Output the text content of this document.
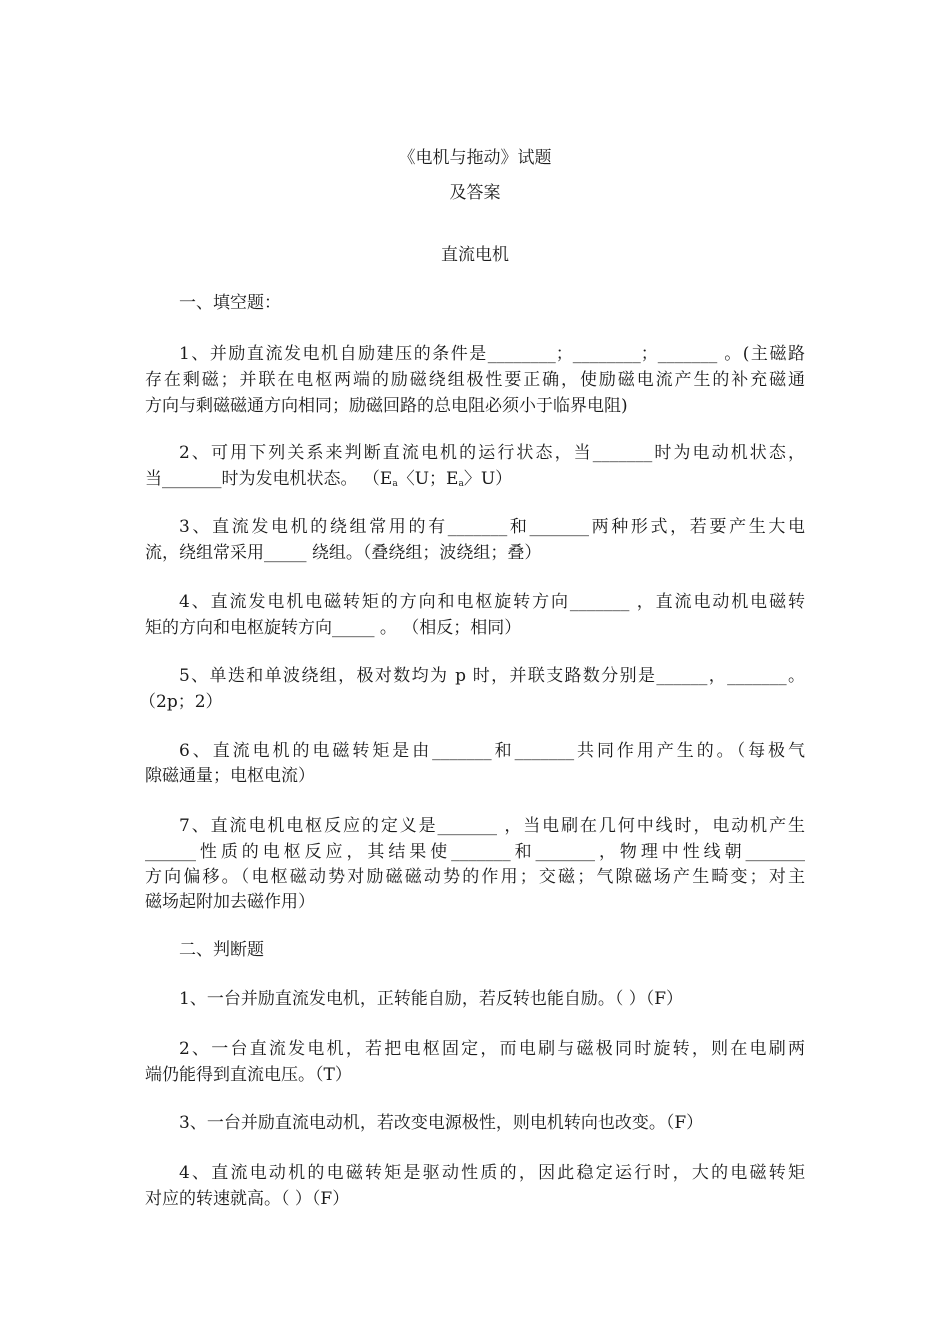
《电机与拖动》试题
及答案
直流电机
一、填空题：
1、并励直流发电机自励建压的条件是________；________；_______ 。(主磁路
存在剩磁；并联在电枢两端的励磁绕组极性要正确，使励磁电流产生的补充磁通
方向与剩磁磁通方向相同；励磁回路的总电阻必须小于临界电阻)
2、可用下列关系来判断直流电机的运行状态，当_______时为电动机状态，
当_______时为发电机状态。 （$E_a$〈U；$E_a$〉U）
3、直流发电机的绕组常用的有_______和_______两种形式，若要产生大电
流，绕组常采用_____ 绕组。（叠绕组；波绕组；叠）
4、直流发电机电磁转矩的方向和电枢旋转方向_______ ，直流电动机电磁转
矩的方向和电枢旋转方向_____ 。 （相反；相同）
5、单迭和单波绕组，极对数均为 p 时，并联支路数分别是______，_______。
（2p；2）
6、直流电机的电磁转矩是由_______和_______共同作用产生的。（每极气
隙磁通量；电枢电流）
7、直流电机电枢反应的定义是_______ ，当电刷在几何中线时，电动机产生
______性质的电枢反应，其结果使_______和_______，物理中性线朝_______
方向偏移。（电枢磁动势对励磁磁动势的作用；交磁；气隙磁场产生畸变；对主
磁场起附加去磁作用）
二、判断题
1、一台并励直流发电机，正转能自励，若反转也能自励。（ ）（F）
2、一台直流发电机，若把电枢固定，而电刷与磁极同时旋转，则在电刷两
端仍能得到直流电压。（T）
3、一台并励直流电动机，若改变电源极性，则电机转向也改变。（F）
4、直流电动机的电磁转矩是驱动性质的，因此稳定运行时，大的电磁转矩
对应的转速就高。（ ）（F）
